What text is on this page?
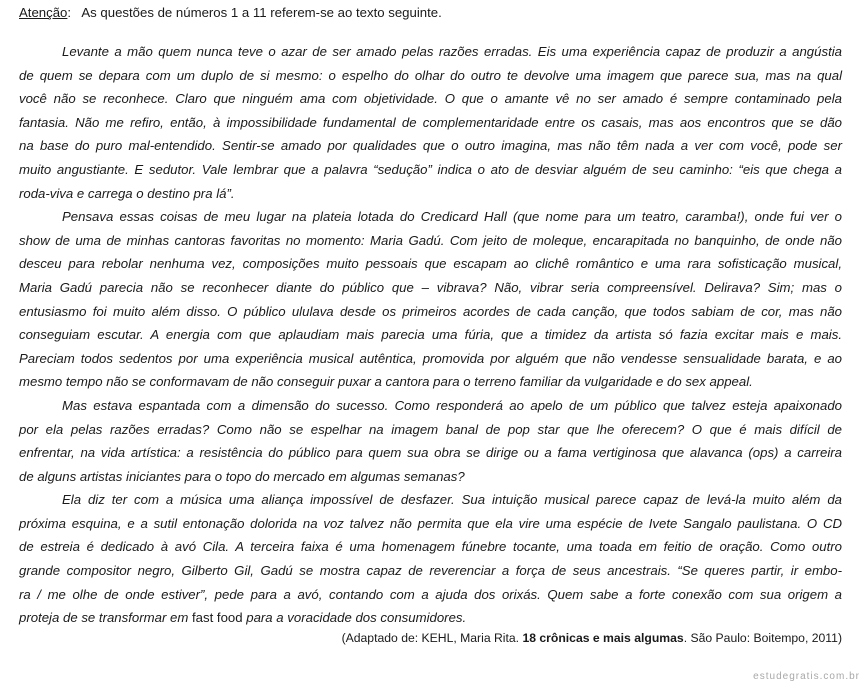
Atenção: As questões de números 1 a 11 referem-se ao texto seguinte.
Levante a mão quem nunca teve o azar de ser amado pelas razões erradas. Eis uma experiência capaz de produzir a angústia
de quem se depara com um duplo de si mesmo: o espelho do olhar do outro te devolve uma imagem que parece sua, mas na qual
você não se reconhece. Claro que ninguém ama com objetividade. O que o amante vê no ser amado é sempre contaminado pela
fantasia. Não me refiro, então, à impossibilidade fundamental de complementaridade entre os casais, mas aos encontros que se dão
na base do puro mal-entendido. Sentir-se amado por qualidades que o outro imagina, mas não têm nada a ver com você, pode ser
muito angustiante. E sedutor. Vale lembrar que a palavra “sedução” indica o ato de desviar alguém de seu caminho: “eis que chega a
roda-viva e carrega o destino pra lá”.
Pensava essas coisas de meu lugar na plateia lotada do Credicard Hall (que nome para um teatro, caramba!), onde fui ver o
show de uma de minhas cantoras favoritas no momento: Maria Gadú. Com jeito de moleque, encarapitada no banquinho, de onde não
desceu para rebolar nenhuma vez, composições muito pessoais que escapam ao clichê romântico e uma rara sofisticação musical,
Maria Gadú parecia não se reconhecer diante do público que – vibrava? Não, vibrar seria compreensível. Delirava? Sim; mas o
entusiasmo foi muito além disso. O público ululava desde os primeiros acordes de cada canção, que todos sabiam de cor, mas não
conseguiam escutar. A energia com que aplaudiam mais parecia uma fúria, que a timidez da artista só fazia excitar mais e mais.
Pareciam todos sedentos por uma experiência musical autêntica, promovida por alguém que não vendesse sensualidade barata, e ao
mesmo tempo não se conformavam de não conseguir puxar a cantora para o terreno familiar da vulgaridade e do sex appeal.
Mas estava espantada com a dimensão do sucesso. Como responderá ao apelo de um público que talvez esteja apaixonado
por ela pelas razões erradas? Como não se espelhar na imagem banal de pop star que lhe oferecem? O que é mais difícil de
enfrentar, na vida artística: a resistência do público para quem sua obra se dirige ou a fama vertiginosa que alavanca (ops) a carreira
de alguns artistas iniciantes para o topo do mercado em algumas semanas?
Ela diz ter com a música uma aliança impossível de desfazer. Sua intuição musical parece capaz de levá-la muito além da
próxima esquina, e a sutil entonação dolorida na voz talvez não permita que ela vire uma espécie de Ivete Sangalo paulistana. O CD
de estreia é dedicado à avó Cila. A terceira faixa é uma homenagem fúnebre tocante, uma toada em feitio de oração. Como outro
grande compositor negro, Gilberto Gil, Gadú se mostra capaz de reverenciar a força de seus ancestrais. “Se queres partir, ir embo-
ra / me olhe de onde estiver”, pede para a avó, contando com a ajuda dos orixás. Quem sabe a forte conexão com sua origem a
proteja de se transformar em fast food para a voracidade dos consumidores.
(Adaptado de: KEHL, Maria Rita. 18 crônicas e mais algumas. São Paulo: Boitempo, 2011)
estudegratis.com.br
